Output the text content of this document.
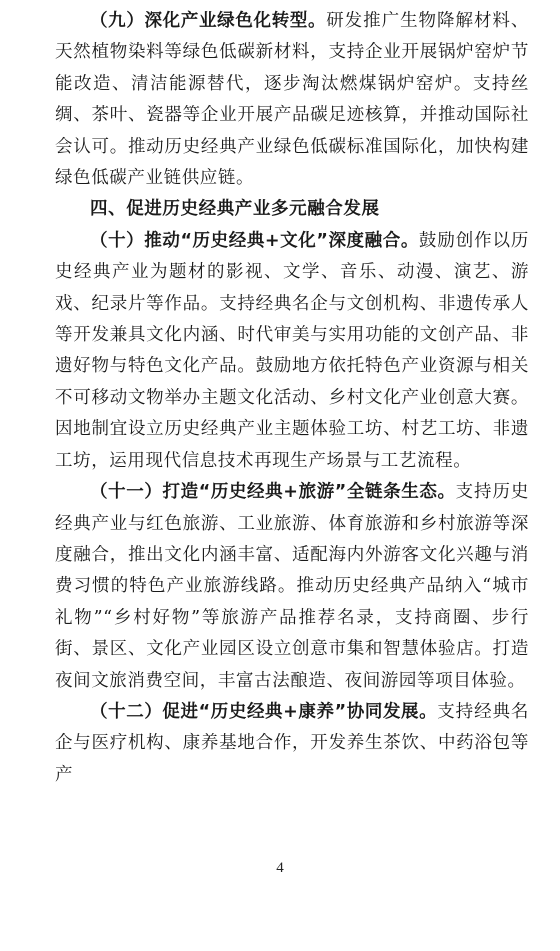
（九）深化产业绿色化转型。研发推广生物降解材料、天然植物染料等绿色低碳新材料，支持企业开展锅炉窑炉节能改造、清洁能源替代，逐步淘汰燃煤锅炉窑炉。支持丝绸、茶叶、瓷器等企业开展产品碳足迹核算，并推动国际社会认可。推动历史经典产业绿色低碳标准国际化，加快构建绿色低碳产业链供应链。

四、促进历史经典产业多元融合发展

（十）推动“历史经典+文化”深度融合。鼓励创作以历史经典产业为题材的影视、文学、音乐、动漫、演艺、游戏、纪录片等作品。支持经典名企与文创机构、非遗传承人等开发兼具文化内涵、时代审美与实用功能的文创产品、非遗好物与特色文化产品。鼓励地方依托特色产业资源与相关不可移动文物举办主题文化活动、乡村文化产业创意大赛。因地制宜设立历史经典产业主题体验工坊、村艺工坊、非遗工坊，运用现代信息技术再现生产场景与工艺流程。

（十一）打造“历史经典+旅游”全链条生态。支持历史经典产业与红色旅游、工业旅游、体育旅游和乡村旅游等深度融合，推出文化内涵丰富、适配海内外游客文化兴趣与消费习惯的特色产业旅游线路。推动历史经典产品纳入“城市礼物”“乡村好物”等旅游产品推荐名录，支持商圈、步行街、景区、文化产业园区设立创意市集和智慧体验店。打造夜间文旅消费空间，丰富古法酿造、夜间游园等项目体验。

（十二）促进“历史经典+康养”协同发展。支持经典名企与医疗机构、康养基地合作，开发养生茶饮、中药浴包等产

4
